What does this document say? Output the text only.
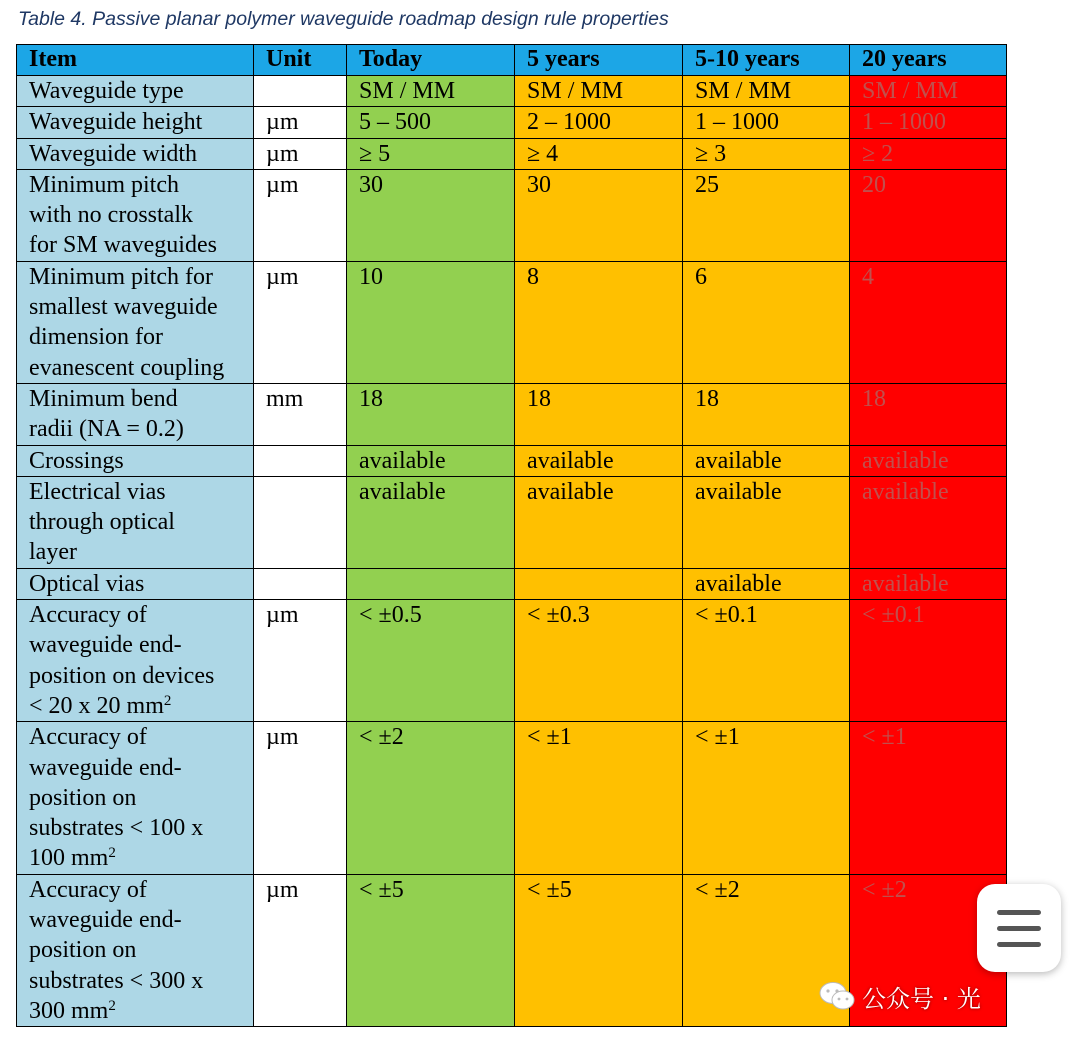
Table 4. Passive planar polymer waveguide roadmap design rule properties
Item	Unit	Today	5 years	5-10 years	20 years

Waveguide type		SM / MM	SM / MM	SM / MM	SM / MM

Waveguide height	µm	5 – 500	2 – 1000	1 – 1000	1 – 1000

Waveguide width	µm	≥ 5	≥ 4	≥ 3	≥ 2

Minimum pitch
with no crosstalk
for SM waveguides	µm	30	30	25	20

Minimum pitch for
smallest waveguide
dimension for
evanescent coupling	µm	10	8	6	4

Minimum bend
radii (NA = 0.2)	mm	18	18	18	18

Crossings		available	available	available	available

Electrical vias
through optical
layer		available	available	available	available

Optical vias				available	available

Accuracy of
waveguide end-
position on devices
< 20 x 20 $mm^2$	µm	< ±0.5	< ±0.3	< ±0.1	< ±0.1

Accuracy of
waveguide end-
position on
substrates < 100 x
100 $mm^2$	µm	< ±2	< ±1	< ±1	< ±1

Accuracy of
waveguide end-
position on
substrates < 300 x
300 $mm^2$	µm	< ±5	< ±5	< ±2	< ±2
公众号 · 光
